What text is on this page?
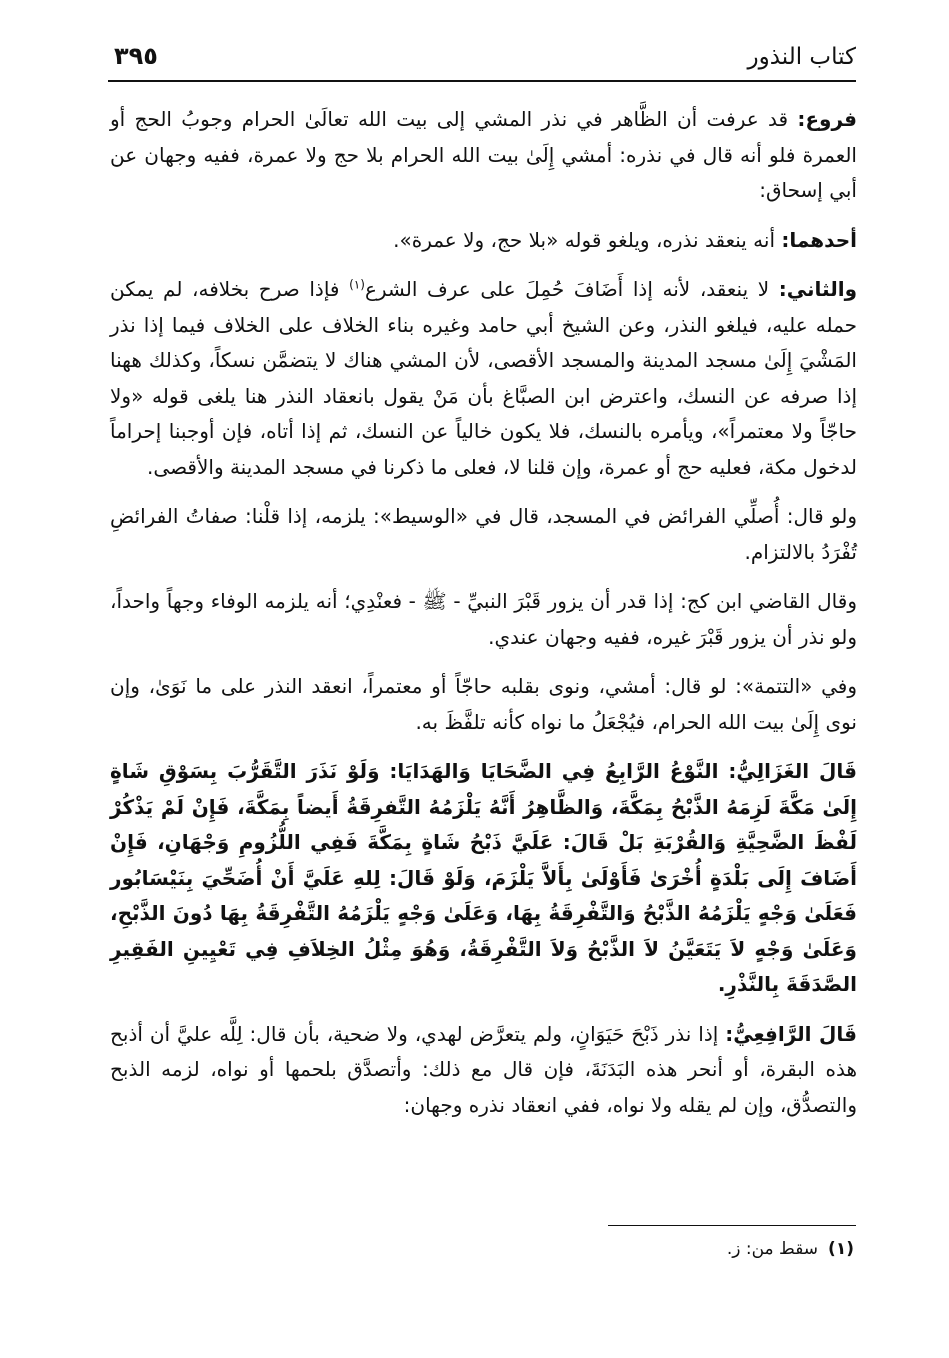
كتاب النذور
٣٩٥

فروع: قد عرفت أن الظَّاهر في نذر المشي إلى بيت الله تعالَىٰ الحرام وجوبُ الحج أو العمرة فلو أنه قال في نذره: أمشي إِلَىٰ بيت الله الحرام بلا حج ولا عمرة، ففيه وجهان عن أبي إسحاق:

أحدهما: أنه ينعقد نذره، ويلغو قوله «بلا حج، ولا عمرة».

والثاني: لا ينعقد، لأنه إذا أَضَافَ حُمِلَ على عرف الشرع$^{(١)}$ فإذا صرح بخلافه، لم يمكن حمله عليه، فيلغو النذر، وعن الشيخ أبي حامد وغيره بناء الخلاف على الخلاف فيما إذا نذر المَشْيَ إِلَىٰ مسجد المدينة والمسجد الأقصى، لأن المشي هناك لا يتضمَّن نسكاً، وكذلك ههنا إذا صرفه عن النسك، واعترض ابن الصبَّاغ بأن مَنْ يقول بانعقاد النذر هنا يلغى قوله «ولا حاجّاً ولا معتمراً»، ويأمره بالنسك، فلا يكون خالياً عن النسك، ثم إذا أتاه، فإن أوجبنا إحراماً لدخول مكة، فعليه حج أو عمرة، وإن قلنا لا، فعلى ما ذكرنا في مسجد المدينة والأقصى.

ولو قال: أُصلِّي الفرائض في المسجد، قال في «الوسيط»: يلزمه، إذا قلْنا: صفاتُ الفرائضِ تُفْرَدُ بالالتزام.

وقال القاضي ابن كج: إذا قدر أن يزور قَبْرَ النبيِّ - ﷺ - فعنْدِي؛ أنه يلزمه الوفاء وجهاً واحداً، ولو نذر أن يزور قَبْرَ غيره، ففيه وجهان عندي.

وفي «التتمة»: لو قال: أمشي، ونوى بقلبه حاجّاً أو معتمراً، انعقد النذر على ما نَوَىٰ، وإن نوى إِلَىٰ بيت الله الحرام، فيُجْعَلُ ما نواه كأنه تلفَّظَ به.

قَالَ الغَزَالِيُّ: النَّوْعُ الرَّابِعُ فِي الضَّحَايَا وَالهَدَايَا: وَلَوْ نَذَرَ التَّقَرُّبَ بِسَوْقِ شَاةٍ إِلَىٰ مَكَّةَ لَزِمَهُ الذَّبْحُ بِمَكَّةَ، وَالظَّاهِرُ أَنَّهُ يَلْزَمُهُ التَّفرِقَةُ أَيضاً بِمَكَّةَ، فَإِنْ لَمْ يَذْكُرْ لَفْظَ الضَّحِيَّةِ وَالقُرْبَةِ بَلْ قَالَ: عَلَيَّ ذَبْحُ شَاةٍ بِمَكَّةَ فَفِي اللُّزُومِ وَجْهَانِ، فَإِنْ أَضَافَ إِلَى بَلْدَةٍ أُخْرَىٰ فَأَوْلَىٰ بِأَلاَّ يَلْزَمَ، وَلَوْ قَالَ: لِلهِ عَلَيَّ أَنْ أُضَحِّيَ بِنَيْسَابُور فَعَلَىٰ وَجْهٍ يَلْزَمُهُ الذَّبْحُ وَالتَّفْرِقَةُ بِهَا، وَعَلَىٰ وَجْهٍ يَلْزَمُهُ التَّفْرِقَةُ بِهَا دُونَ الذَّبْحِ، وَعَلَىٰ وَجْهٍ لاَ يَتَعَيَّنُ لاَ الذَّبْحُ وَلاَ التَّفْرِقَةُ، وَهُوَ مِثْلُ الخِلاَفِ فِي تَعْيِينِ الفَقِيرِ الصَّدَقَةَ بِالنَّذْرِ.

قَالَ الرَّافِعِيُّ: إذا نذر ذَبْحَ حَيَوَانٍ، ولم يتعرَّض لهدي، ولا ضحية، بأن قال: لِلَّه عليَّ أن أذبح هذه البقرة، أو أنحر هذه البَدَنَةَ، فإن قال مع ذلك: وأتصدَّق بلحمها أو نواه، لزمه الذبح والتصدُّق، وإن لم يقله ولا نواه، ففي انعقاد نذره وجهان:

(١)سقط من: ز.
